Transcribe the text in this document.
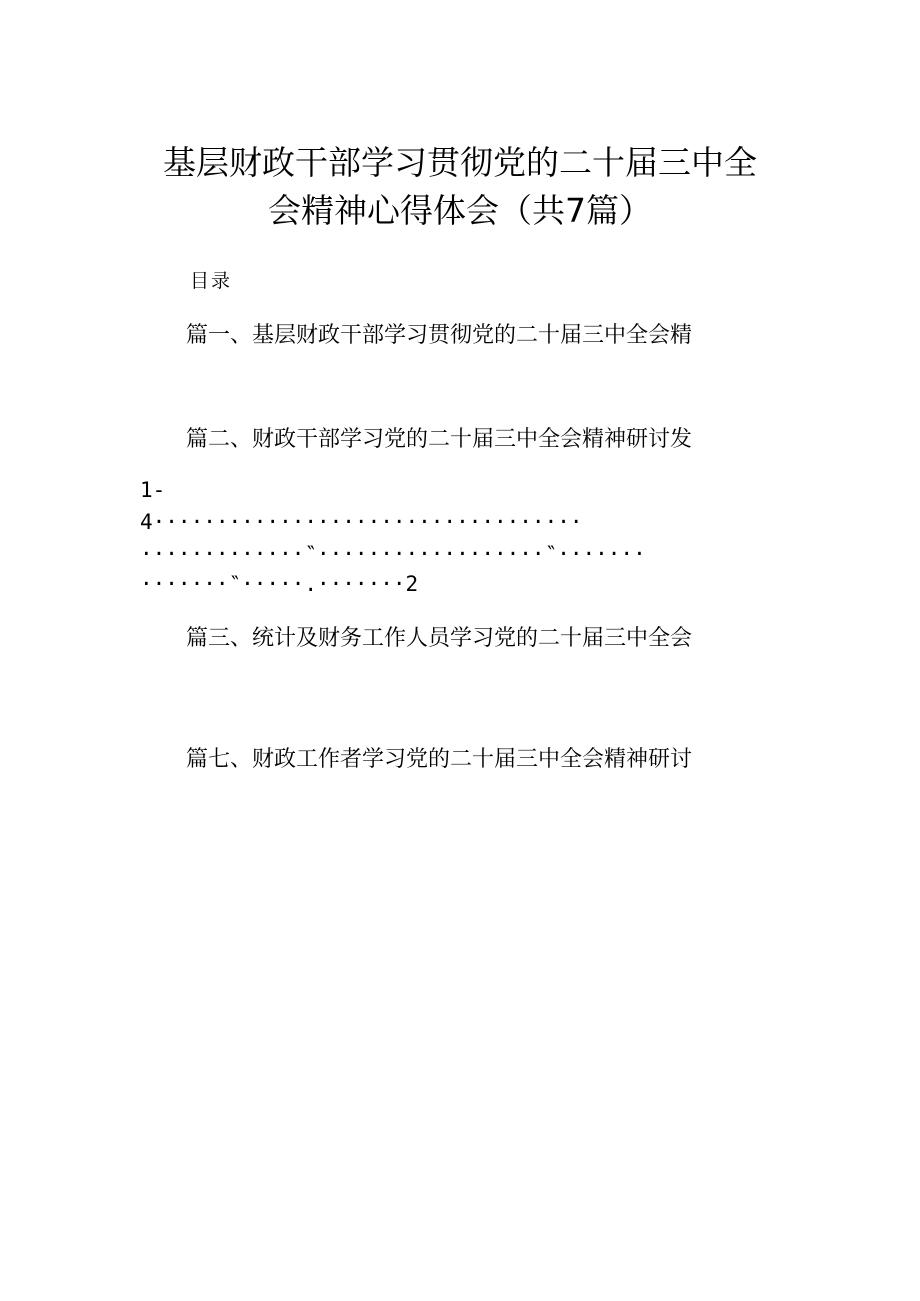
基层财政干部学习贯彻党的二十届三中全
会精神心得体会（共7篇）
目录
篇一、基层财政干部学习贯彻党的二十届三中全会精
篇二、财政干部学习党的二十届三中全会精神研讨发
1-
4··································
·············‶··················‶·······
·······‶·····.·······2
篇三、统计及财务工作人员学习党的二十届三中全会
篇七、财政工作者学习党的二十届三中全会精神研讨
